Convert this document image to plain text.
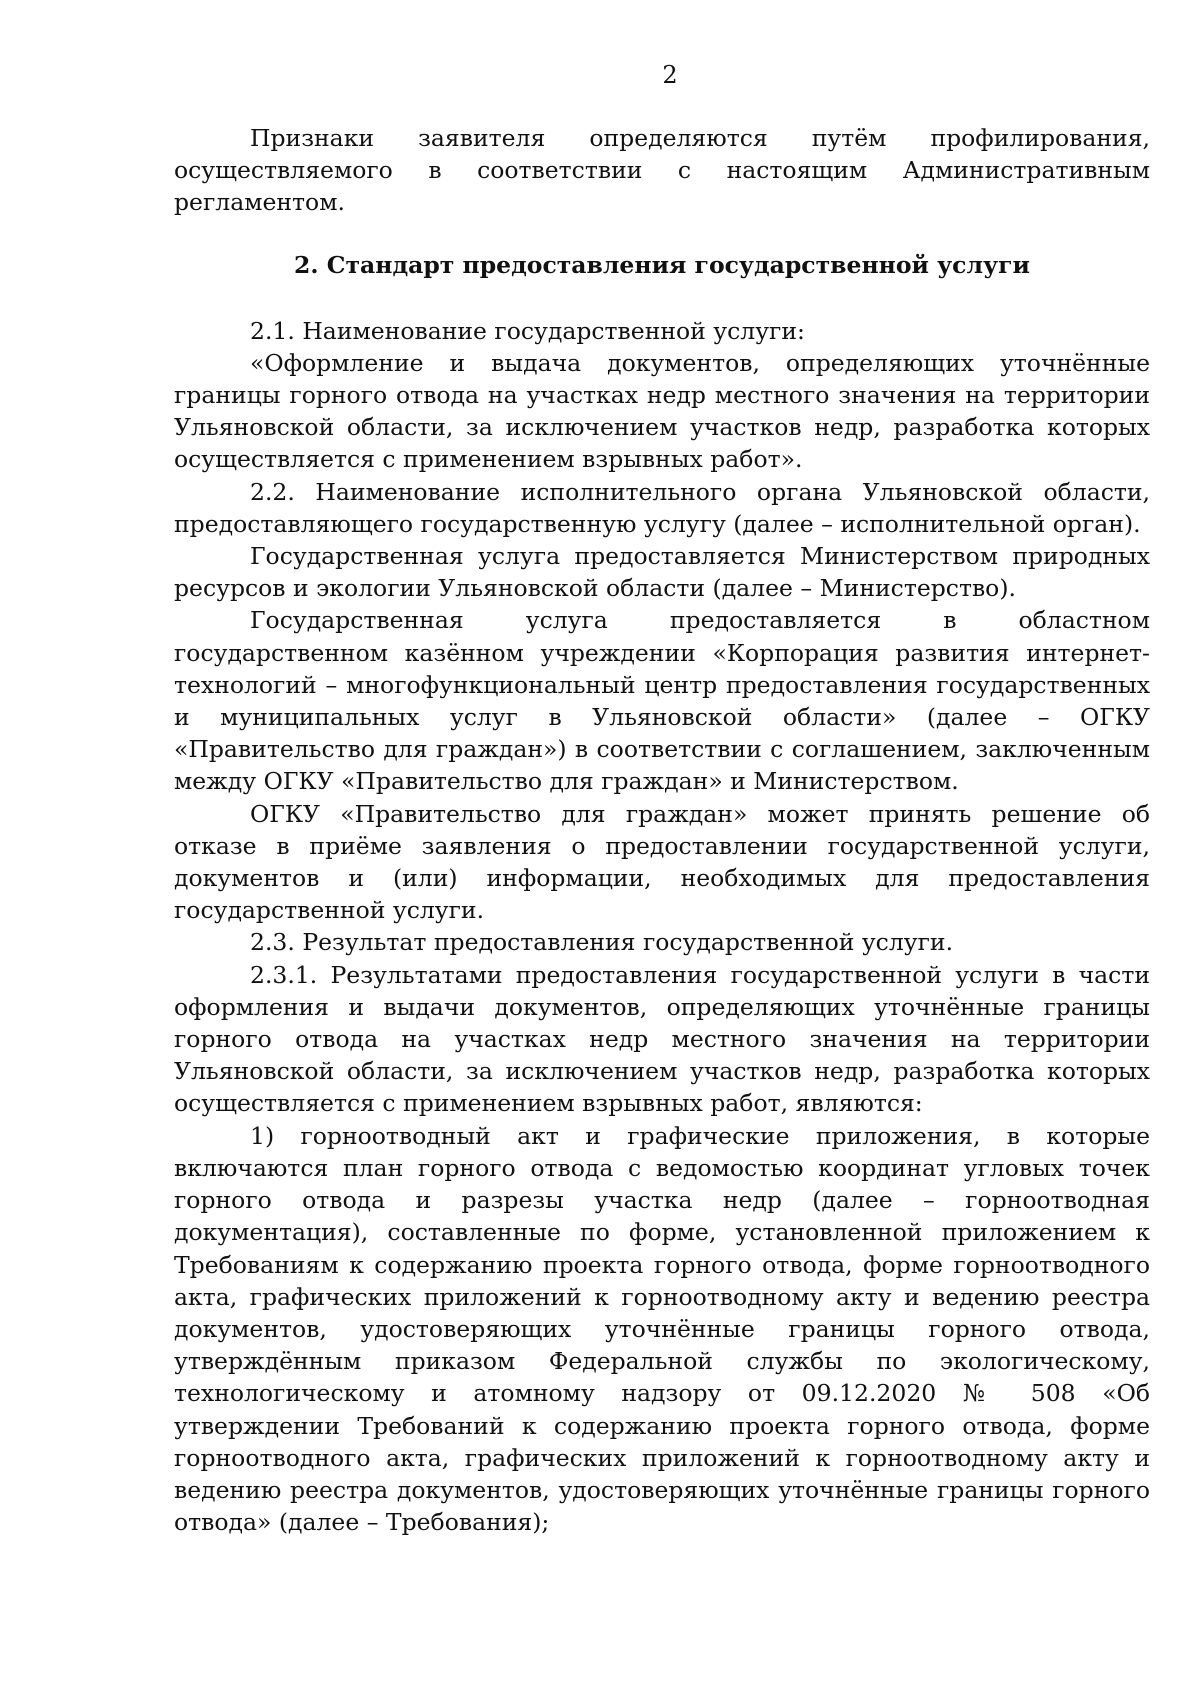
2

Признаки заявителя определяются путём профилирования, осуществляемого в соответствии с настоящим Административным регламентом.

2. Стандарт предоставления государственной услуги

2.1. Наименование государственной услуги:

«Оформление и выдача документов, определяющих уточнённые границы горного отвода на участках недр местного значения на территории Ульяновской области, за исключением участков недр, разработка которых осуществляется с применением взрывных работ».

2.2. Наименование исполнительного органа Ульяновской области, предоставляющего государственную услугу (далее – исполнительной орган).

Государственная услуга предоставляется Министерством природных ресурсов и экологии Ульяновской области (далее – Министерство).

Государственная услуга предоставляется в областном государственном казённом учреждении «Корпорация развития интернет-технологий – многофункциональный центр предоставления государственных и муниципальных услуг в Ульяновской области» (далее – ОГКУ «Правительство для граждан») в соответствии с соглашением, заключенным между ОГКУ «Правительство для граждан» и Министерством.

ОГКУ «Правительство для граждан» может принять решение об отказе в приёме заявления о предоставлении государственной услуги, документов и (или) информации, необходимых для предоставления государственной услуги.

2.3. Результат предоставления государственной услуги.

2.3.1. Результатами предоставления государственной услуги в части оформления и выдачи документов, определяющих уточнённые границы горного отвода на участках недр местного значения на территории Ульяновской области, за исключением участков недр, разработка которых осуществляется с применением взрывных работ, являются:

1) горноотводный акт и графические приложения, в которые включаются план горного отвода с ведомостью координат угловых точек горного отвода и разрезы участка недр (далее – горноотводная документация), составленные по форме, установленной приложением к Требованиям к содержанию проекта горного отвода, форме горноотводного акта, графических приложений к горноотводному акту и ведению реестра документов, удостоверяющих уточнённые границы горного отвода, утверждённым приказом Федеральной службы по экологическому, технологическому и атомному надзору от 09.12.2020 № 508 «Об утверждении Требований к содержанию проекта горного отвода, форме горноотводного акта, графических приложений к горноотводному акту и ведению реестра документов, удостоверяющих уточнённые границы горного отвода» (далее – Требования);
